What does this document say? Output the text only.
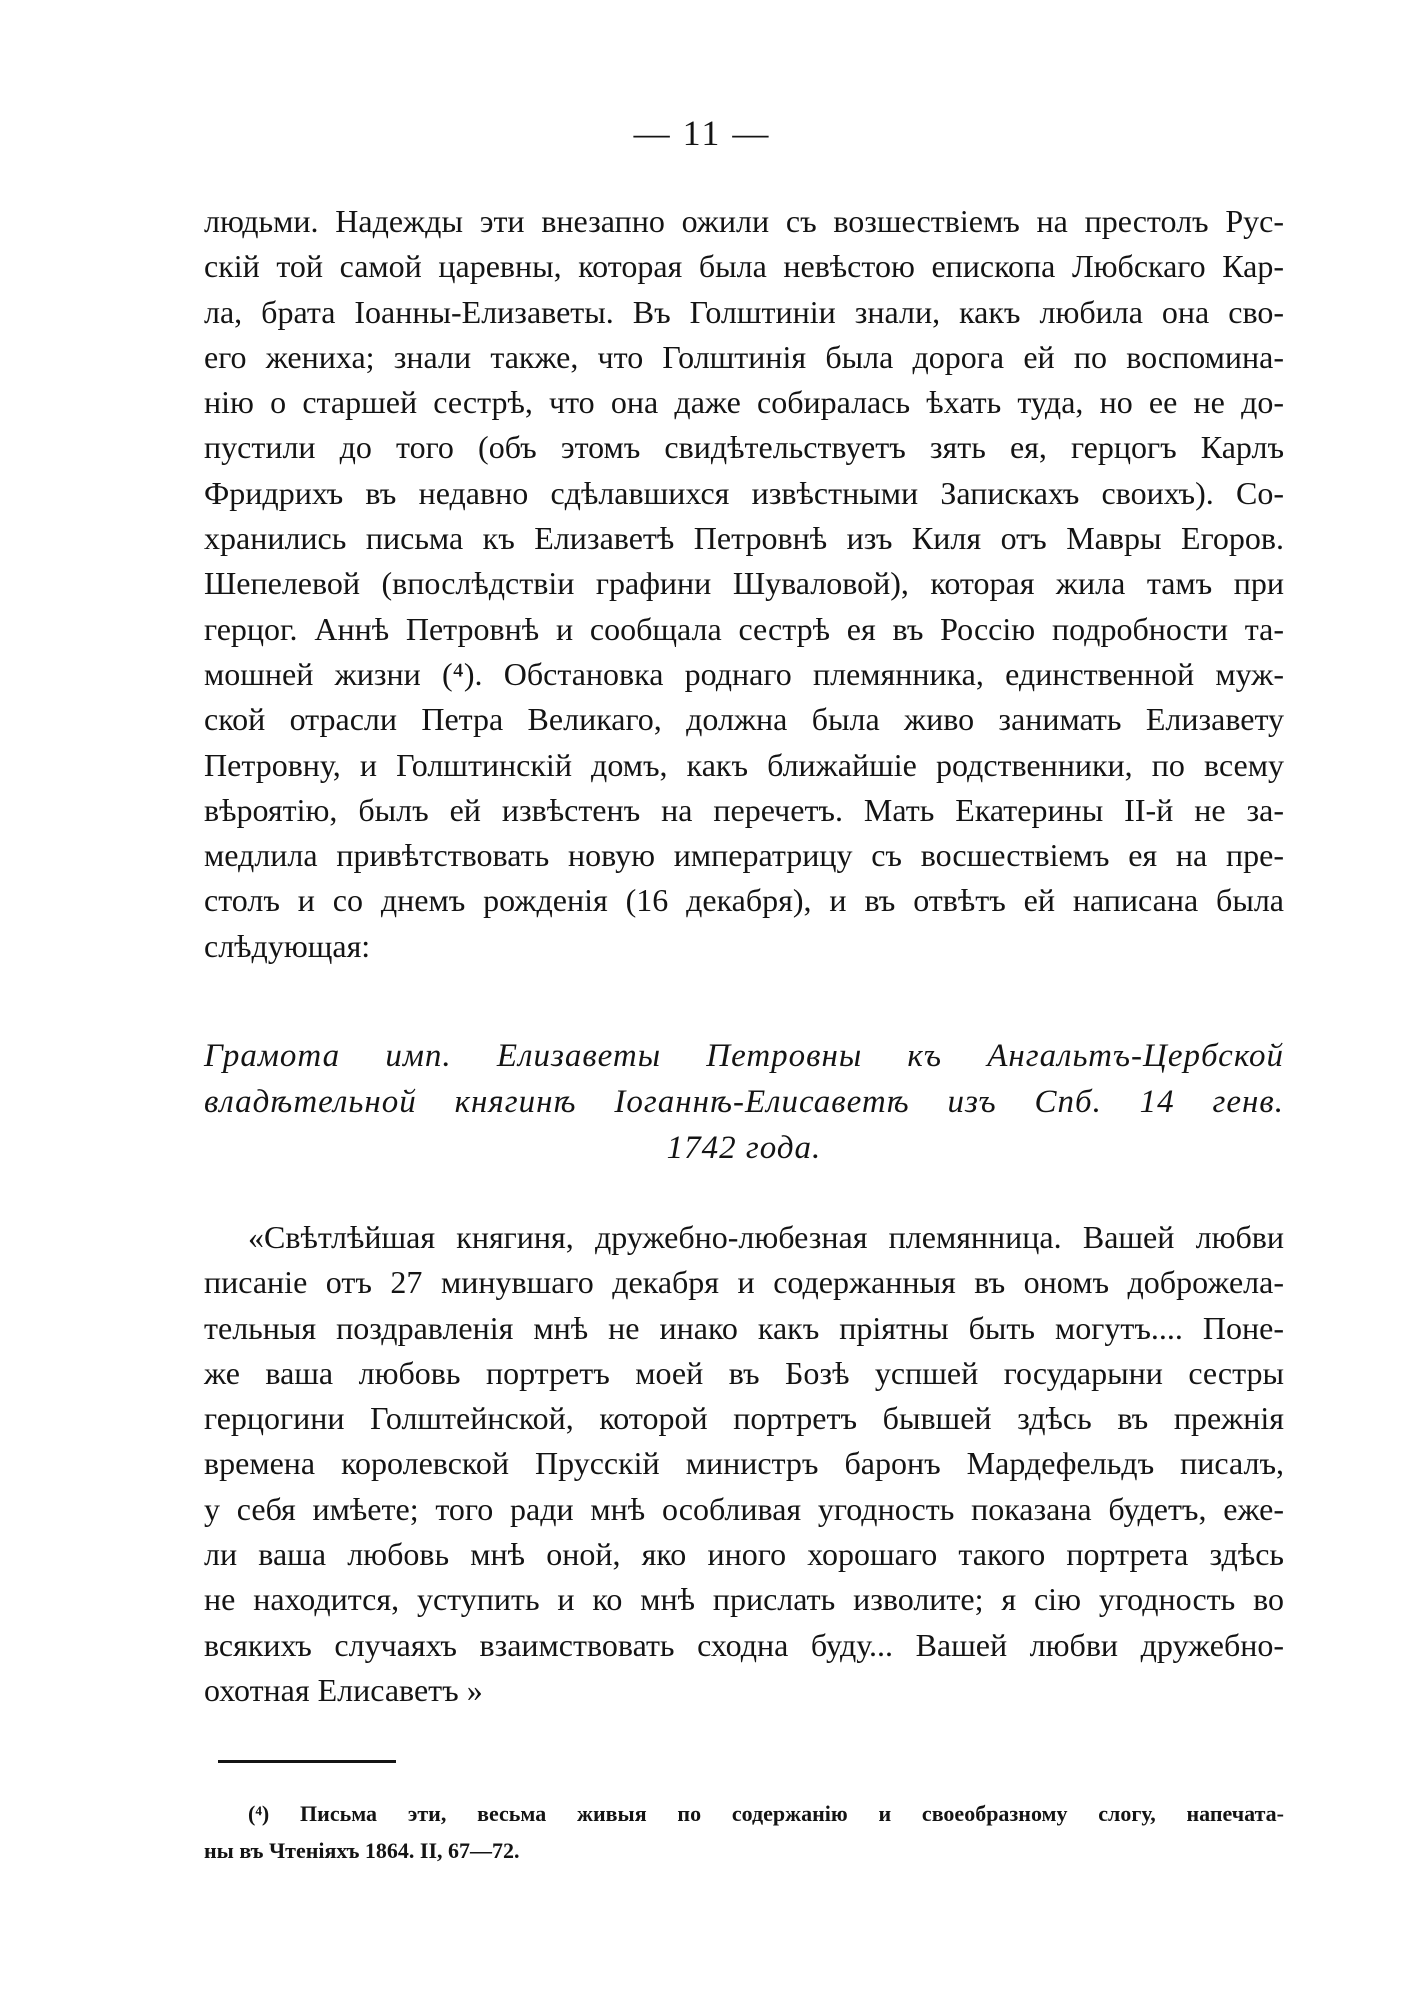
— 11 —
людьми. Надежды эти внезапно ожили съ возшествіемъ на престолъ Рус-
скій той самой царевны, которая была невѣстою епископа Любскаго Кар-
ла, брата Іоанны-Елизаветы. Въ Голштиніи знали, какъ любила она сво-
его жениха; знали также, что Голштинія была дорога ей по воспомина-
нію о старшей сестрѣ, что она даже собиралась ѣхать туда, но ее не до-
пустили до того (объ этомъ свидѣтельствуетъ зять ея, герцогъ Карлъ
Фридрихъ въ недавно сдѣлавшихся извѣстными Запискахъ своихъ). Со-
хранились письма къ Елизаветѣ Петровнѣ изъ Киля отъ Мавры Егоров.
Шепелевой (впослѣдствіи графини Шуваловой), которая жила тамъ при
герцог. Аннѣ Петровнѣ и сообщала сестрѣ ея въ Россію подробности та-
мошней жизни (⁴). Обстановка роднаго племянника, единственной муж-
ской отрасли Петра Великаго, должна была живо занимать Елизавету
Петровну, и Голштинскій домъ, какъ ближайшіе родственники, по всему
вѣроятію, былъ ей извѣстенъ на перечетъ. Мать Екатерины II-й не за-
медлила привѣтствовать новую императрицу съ восшествіемъ ея на пре-
столъ и со днемъ рожденія (16 декабря), и въ отвѣтъ ей написана была
слѣдующая:
Грамота имп. Елизаветы Петровны къ Ангальтъ-Цербской
владѣтельной княгинѣ Іоганнѣ-Елисаветѣ изъ Спб. 14 генв.
1742 года.
«Свѣтлѣйшая княгиня, дружебно-любезная племянница. Вашей любви
писаніе отъ 27 минувшаго декабря и содержанныя въ ономъ доброжела-
тельныя поздравленія мнѣ не инако какъ пріятны быть могутъ.... Поне-
же ваша любовь портретъ моей въ Бозѣ успшей государыни сестры
герцогини Голштейнской, которой портретъ бывшей здѣсь въ прежнія
времена королевской Прусскій министръ баронъ Мардефельдъ писалъ,
у себя имѣете; того ради мнѣ особливая угодность показана будетъ, еже-
ли ваша любовь мнѣ оной, яко иного хорошаго такого портрета здѣсь
не находится, уступить и ко мнѣ прислать изволите; я сію угодность во
всякихъ случаяхъ взаимствовать сходна буду... Вашей любви дружебно-
охотная Елисаветъ »
(⁴) Письма эти, весьма живыя по содержанію и своеобразному слогу, напечата-
ны въ Чтеніяхъ 1864. II, 67—72.
